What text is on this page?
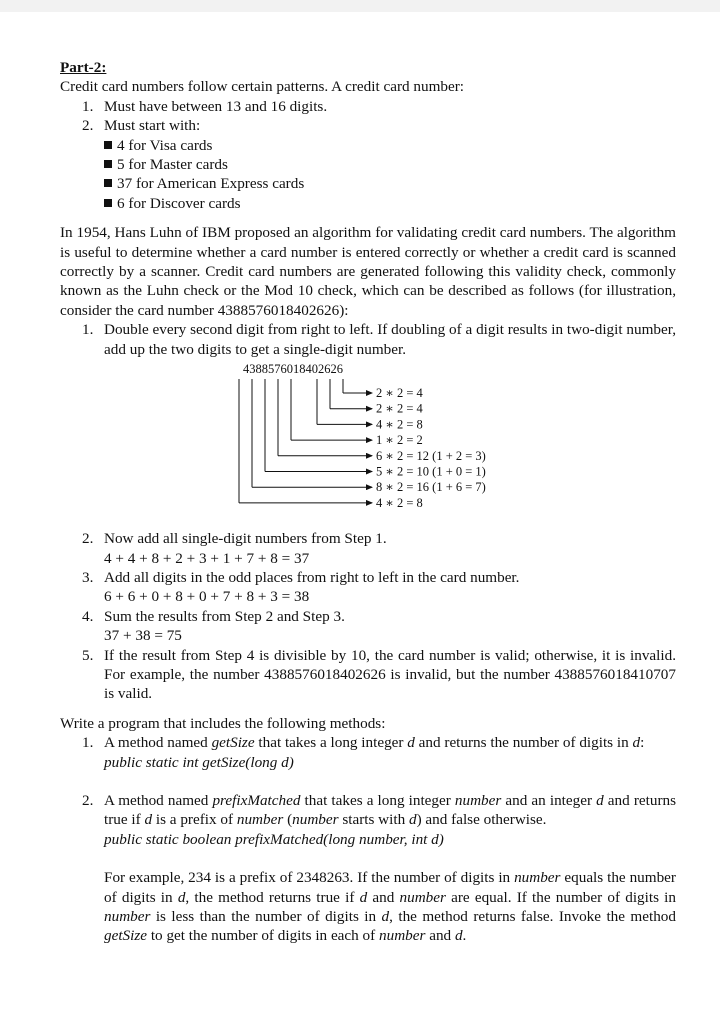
Part-2:

Credit card numbers follow certain patterns. A credit card number:

1. Must have between 13 and 16 digits.
2. Must start with:
4 for Visa cards
5 for Master cards
37 for American Express cards
6 for Discover cards

In 1954, Hans Luhn of IBM proposed an algorithm for validating credit card numbers. The algorithm is useful to determine whether a card number is entered correctly or whether a credit card is scanned correctly by a scanner. Credit card numbers are generated following this validity check, commonly known as the Luhn check or the Mod 10 check, which can be described as follows (for illustration, consider the card number 4388576018402626):

1. Double every second digit from right to left. If doubling of a digit results in two-digit number, add up the two digits to get a single-digit number.
4388576018402626
2 ∗ 2 = 4
2 ∗ 2 = 4
4 ∗ 2 = 8
1 ∗ 2 = 2
6 ∗ 2 = 12 (1 + 2 = 3)
5 ∗ 2 = 10 (1 + 0 = 1)
8 ∗ 2 = 16 (1 + 6 = 7)
4 ∗ 2 = 8
2. Now add all single-digit numbers from Step 1.
4 + 4 + 8 + 2 + 3 + 1 + 7 + 8 = 37
3. Add all digits in the odd places from right to left in the card number.
6 + 6 + 0 + 8 + 0 + 7 + 8 + 3 = 38
4. Sum the results from Step 2 and Step 3.
37 + 38 = 75
5. If the result from Step 4 is divisible by 10, the card number is valid; otherwise, it is invalid. For example, the number 4388576018402626 is invalid, but the number 4388576018410707 is valid.

Write a program that includes the following methods:

1. A method named getSize that takes a long integer d and returns the number of digits in d:

public static int getSize(long d)

2. A method named prefixMatched that takes a long integer number and an integer d and returns true if d is a prefix of number (number starts with d) and false otherwise.

public static boolean prefixMatched(long number, int d)

For example, 234 is a prefix of 2348263. If the number of digits in number equals the number of digits in d, the method returns true if d and number are equal. If the number of digits in number is less than the number of digits in d, the method returns false. Invoke the method getSize to get the number of digits in each of number and d.
